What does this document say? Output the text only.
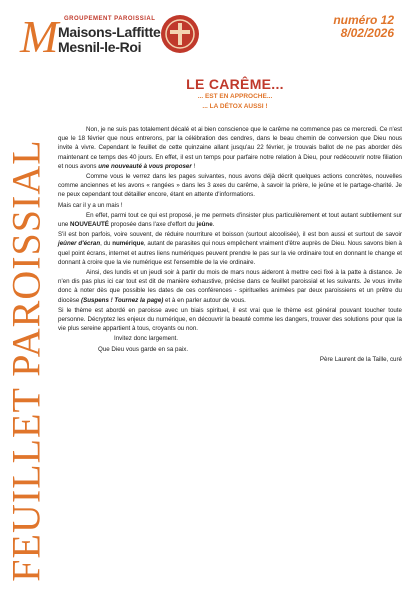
M GROUPEMENT PAROISSIAL
Maisons-Laffitte
Mesnil-le-Roi
numéro 12
8/02/2026
FEUILLET PAROISSIAL
LE CARÊME...
... EST EN APPROCHE...
... LA DÉTOX AUSSI !

Non, je ne suis pas totalement décalé et ai bien conscience que le carême ne commence pas ce mercredi. Ce n'est que le 18 février que nous entrerons, par la célébration des cendres, dans le beau chemin de conversion que Dieu nous invite à vivre. Cependant le feuillet de cette quinzaine allant jusqu'au 22 février, je trouvais ballot de ne pas aborder dès maintenant ce temps des 40 jours. En effet, il est un temps pour parfaire notre relation à Dieu, pour redécouvrir notre filiation et nous avons une nouveauté à vous proposer !

Comme vous le verrez dans les pages suivantes, nous avons déjà décrit quelques actions concrètes, nouvelles comme anciennes et les avons « rangées » dans les 3 axes du carême, à savoir la prière, le jeûne et le partage-charité. Je ne peux cependant tout détailler encore, étant en attente d'informations.

Mais car il y a un mais !

En effet, parmi tout ce qui est proposé, je me permets d'insister plus particulièrement et tout autant subtilement sur une NOUVEAUTÉ proposée dans l'axe d'effort du jeûne.

S'il est bon parfois, voire souvent, de réduire nourriture et boisson (surtout alcoolisée), il est bon aussi et surtout de savoir jeûner d'écran, du numérique, autant de parasites qui nous empêchent vraiment d'être auprès de Dieu. Nous savons bien à quel point écrans, internet et autres liens numériques peuvent prendre le pas sur la vie ordinaire tout en donnant le change et donnant à croire que la vie numérique est l'ensemble de la vie ordinaire.

Ainsi, des lundis et un jeudi soir à partir du mois de mars nous aideront à mettre ceci fixé à la patte à distance. Je n'en dis pas plus ici car tout est dit de manière exhaustive, précise dans ce feuillet paroissial et les suivants. Je vous invite donc à noter dès que possible les dates de ces conférences - spirituelles animées par deux paroissiens et un prêtre du diocèse (Suspens ! Tournez la page) et à en parler autour de vous.

Si le thème est abordé en paroisse avec un biais spirituel, il est vrai que le thème est général pouvant toucher toute personne. Décryptez les enjeux du numérique, en découvrir la beauté comme les dangers, trouver des solutions pour que la vie plus sereine appartient à tous, croyants ou non.

Invitez donc largement.

Que Dieu vous garde en sa paix.

Père Laurent de la Taille, curé
